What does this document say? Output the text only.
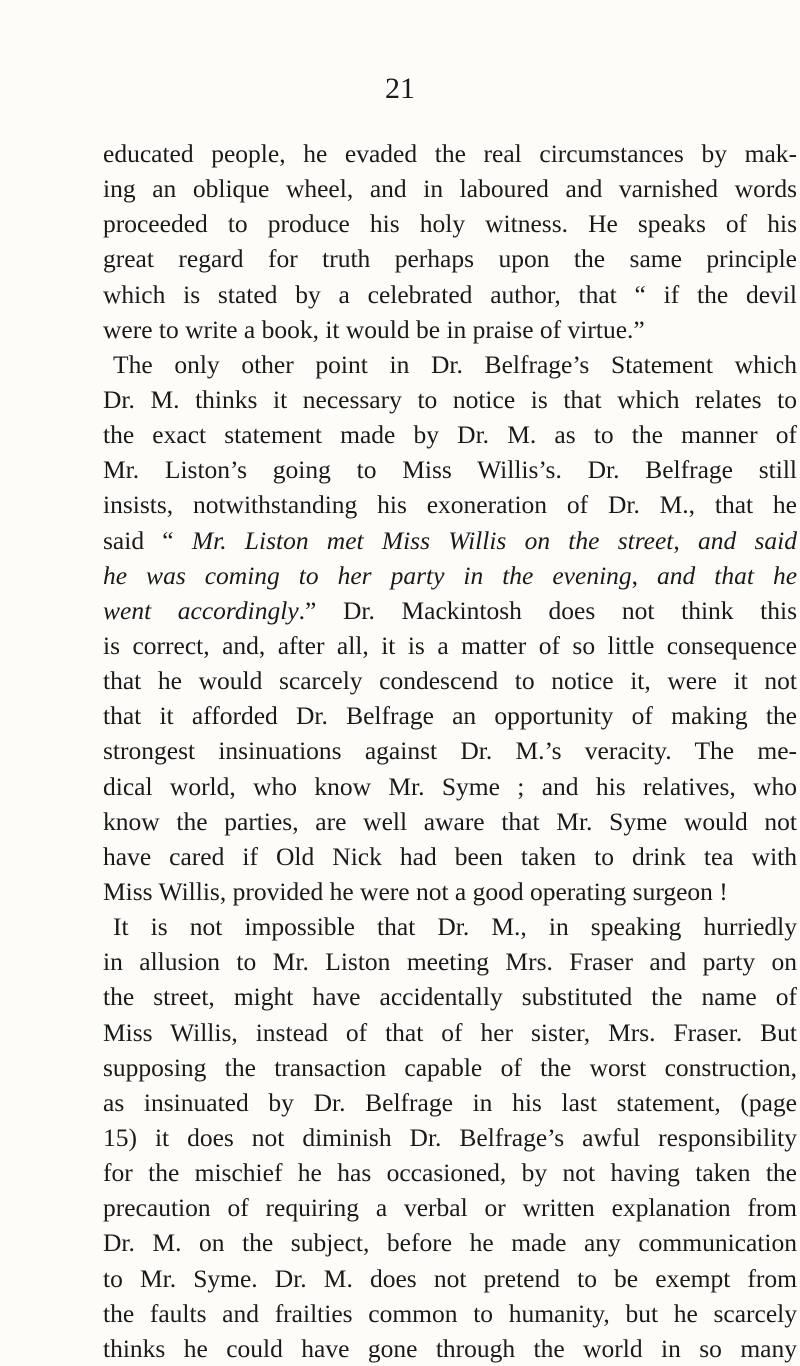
21
educated people, he evaded the real circumstances by mak-
ing an oblique wheel, and in laboured and varnished words
proceeded to produce his holy witness. He speaks of his
great regard for truth perhaps upon the same principle
which is stated by a celebrated author, that “ if the devil
were to write a book, it would be in praise of virtue.”
The only other point in Dr. Belfrage’s Statement which
Dr. M. thinks it necessary to notice is that which relates to
the exact statement made by Dr. M. as to the manner of
Mr. Liston’s going to Miss Willis’s. Dr. Belfrage still
insists, notwithstanding his exoneration of Dr. M., that he
said “ Mr. Liston met Miss Willis on the street, and said
he was coming to her party in the evening, and that he
went accordingly.” Dr. Mackintosh does not think this
is correct, and, after all, it is a matter of so little consequence
that he would scarcely condescend to notice it, were it not
that it afforded Dr. Belfrage an opportunity of making the
strongest insinuations against Dr. M.’s veracity. The me-
dical world, who know Mr. Syme ; and his relatives, who
know the parties, are well aware that Mr. Syme would not
have cared if Old Nick had been taken to drink tea with
Miss Willis, provided he were not a good operating surgeon !
It is not impossible that Dr. M., in speaking hurriedly
in allusion to Mr. Liston meeting Mrs. Fraser and party on
the street, might have accidentally substituted the name of
Miss Willis, instead of that of her sister, Mrs. Fraser. But
supposing the transaction capable of the worst construction,
as insinuated by Dr. Belfrage in his last statement, (page
15) it does not diminish Dr. Belfrage’s awful responsibility
for the mischief he has occasioned, by not having taken the
precaution of requiring a verbal or written explanation from
Dr. M. on the subject, before he made any communication
to Mr. Syme. Dr. M. does not pretend to be exempt from
the faults and frailties common to humanity, but he scarcely
thinks he could have gone through the world in so many
